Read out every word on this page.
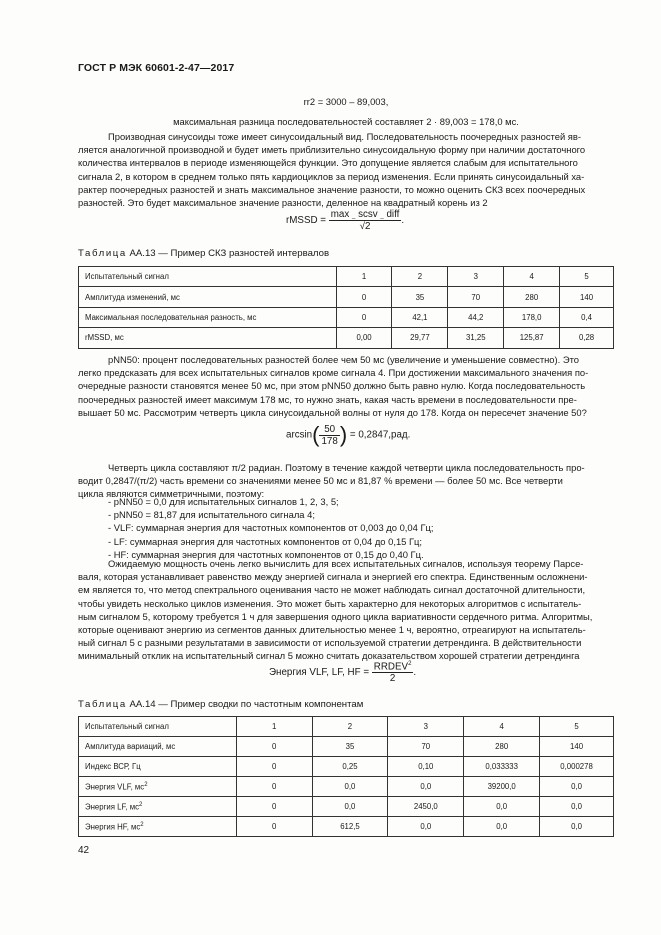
ГОСТ Р МЭК 60601-2-47—2017
rr2 = 3000 – 89,003,
максимальная разница последовательностей составляет 2 · 89,003 = 178,0 мс.
Производная синусоиды тоже имеет синусоидальный вид. Последовательность поочередных разностей яв-
ляется аналогичной производной и будет иметь приблизительно синусоидальную форму при наличии достаточного
количества интервалов в периоде изменяющейся функции. Это допущение является слабым для испытательного
сигнала 2, в котором в среднем только пять кардиоциклов за период изменения. Если принять синусоидальный ха-
рактер поочередных разностей и знать максимальное значение разности, то можно оценить СКЗ всех поочередных
разностей. Это будет максимальное значение разности, деленное на квадратный корень из 2
rMSSD = $\frac{\text{max \_ scsv \_ diff}}{√2}$ .
Таблица АА.13 — Пример СКЗ разностей интервалов
Испытательный сигнал	1	2	3	4	5
Амплитуда изменений, мс	0	35	70	280	140
Максимальная последовательная разность, мс	0	42,1	44,2	178,0	0,4
rMSSD, мс	0,00	29,77	31,25	125,87	0,28
pNN50: процент последовательных разностей более чем 50 мс (увеличение и уменьшение совместно). Это
легко предсказать для всех испытательных сигналов кроме сигнала 4. При достижении максимального значения по-
очередные разности становятся менее 50 мс, при этом pNN50 должно быть равно нулю. Когда последовательность
поочередных разностей имеет максимум 178 мс, то нужно знать, какая часть времени в последовательности пре-
вышает 50 мс. Рассмотрим четверть цикла синусоидальной волны от нуля до 178. Когда он пересечет значение 50?
$\arcsin( \frac{50}{178}$ ) = 0,2847,рад.
Четверть цикла составляют π/2 радиан. Поэтому в течение каждой четверти цикла последовательность про-
водит 0,2847/(π/2) часть времени со значениями менее 50 мс и 81,87 % времени — более 50 мс. Все четверти
цикла являются симметричными, поэтому:
- pNN50 = 0,0 для испытательных сигналов 1, 2, 3, 5;
- pNN50 = 81,87 для испытательного сигнала 4;
- VLF: суммарная энергия для частотных компонентов от 0,003 до 0,04 Гц;
- LF: суммарная энергия для частотных компонентов от 0,04 до 0,15 Гц;
- HF: суммарная энергия для частотных компонентов от 0,15 до 0,40 Гц.
Ожидаемую мощность очень легко вычислить для всех испытательных сигналов, используя теорему Парсе-
валя, которая устанавливает равенство между энергией сигнала и энергией его спектра. Единственным осложнени-
ем является то, что метод спектрального оценивания часто не может наблюдать сигнал достаточной длительности,
чтобы увидеть несколько циклов изменения. Это может быть характерно для некоторых алгоритмов с испытатель-
ным сигналом 5, которому требуется 1 ч для завершения одного цикла вариативности сердечного ритма. Алгоритмы,
которые оценивают энергию из сегментов данных длительностью менее 1 ч, вероятно, отреагируют на испытатель-
ный сигнал 5 с разными результатами в зависимости от используемой стратегии детрендинга. В действительности
минимальный отклик на испытательный сигнал 5 можно считать доказательством хорошей стратегии детрендинга
Энергия VLF, LF, HF = $\frac{RRDEV^2}{2}$ .
Таблица АА.14 — Пример сводки по частотным компонентам
Испытательный сигнал	1	2	3	4	5
Амплитуда вариаций, мс	0	35	70	280	140
Индекс ВСР, Гц	0	0,25	0,10	0,033333	0,000278
Энергия VLF, $мс^2$	0	0,0	0,0	39200,0	0,0
Энергия LF, $мс^2$	0	0,0	2450,0	0,0	0,0
Энергия HF, $мс^2$	0	612,5	0,0	0,0	0,0
42
